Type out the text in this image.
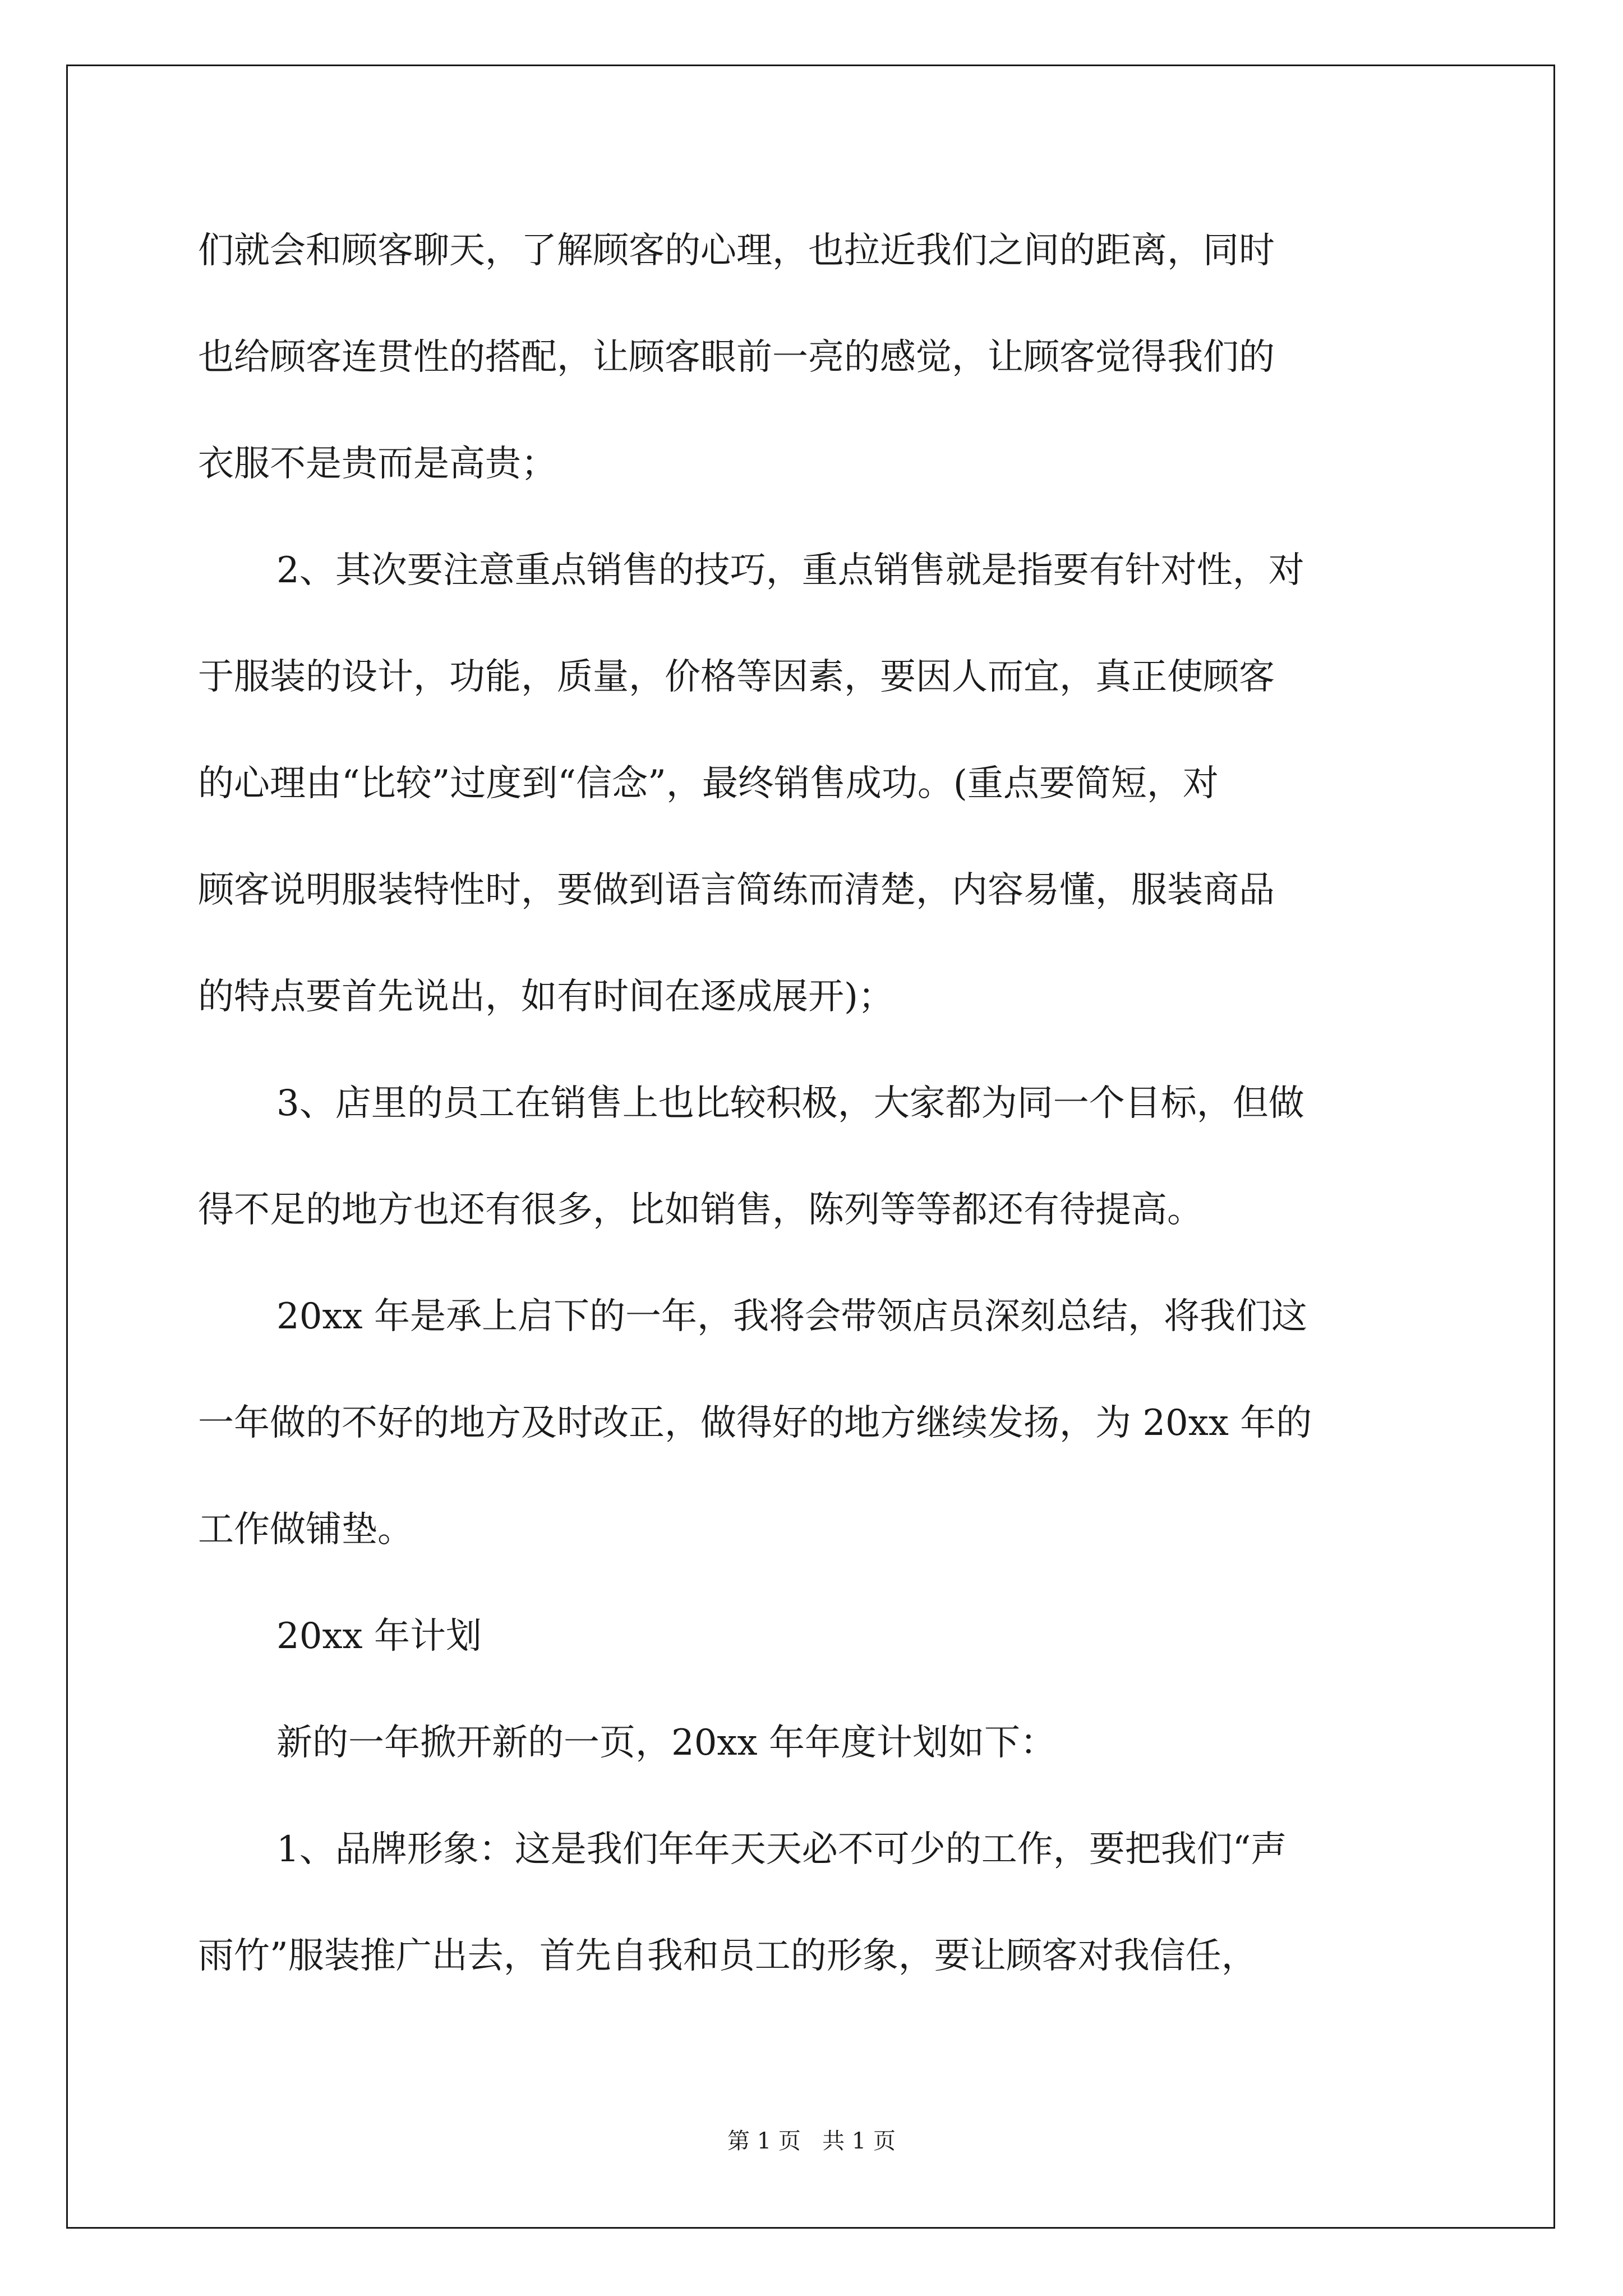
们就会和顾客聊天，了解顾客的心理，也拉近我们之间的距离，同时

也给顾客连贯性的搭配，让顾客眼前一亮的感觉，让顾客觉得我们的

衣服不是贵而是高贵；

2、其次要注意重点销售的技巧，重点销售就是指要有针对性，对

于服装的设计，功能，质量，价格等因素，要因人而宜，真正使顾客

的心理由“比较”过度到“信念”，最终销售成功。(重点要简短，对

顾客说明服装特性时，要做到语言简练而清楚，内容易懂，服装商品

的特点要首先说出，如有时间在逐成展开)；

3、店里的员工在销售上也比较积极，大家都为同一个目标，但做

得不足的地方也还有很多，比如销售，陈列等等都还有待提高。

20xx 年是承上启下的一年，我将会带领店员深刻总结，将我们这

一年做的不好的地方及时改正，做得好的地方继续发扬，为 20xx 年的

工作做铺垫。

20xx 年计划

新的一年掀开新的一页，20xx 年年度计划如下：

1、品牌形象：这是我们年年天天必不可少的工作，要把我们“声

雨竹”服装推广出去，首先自我和员工的形象，要让顾客对我信任，

第 1 页   共 1 页
